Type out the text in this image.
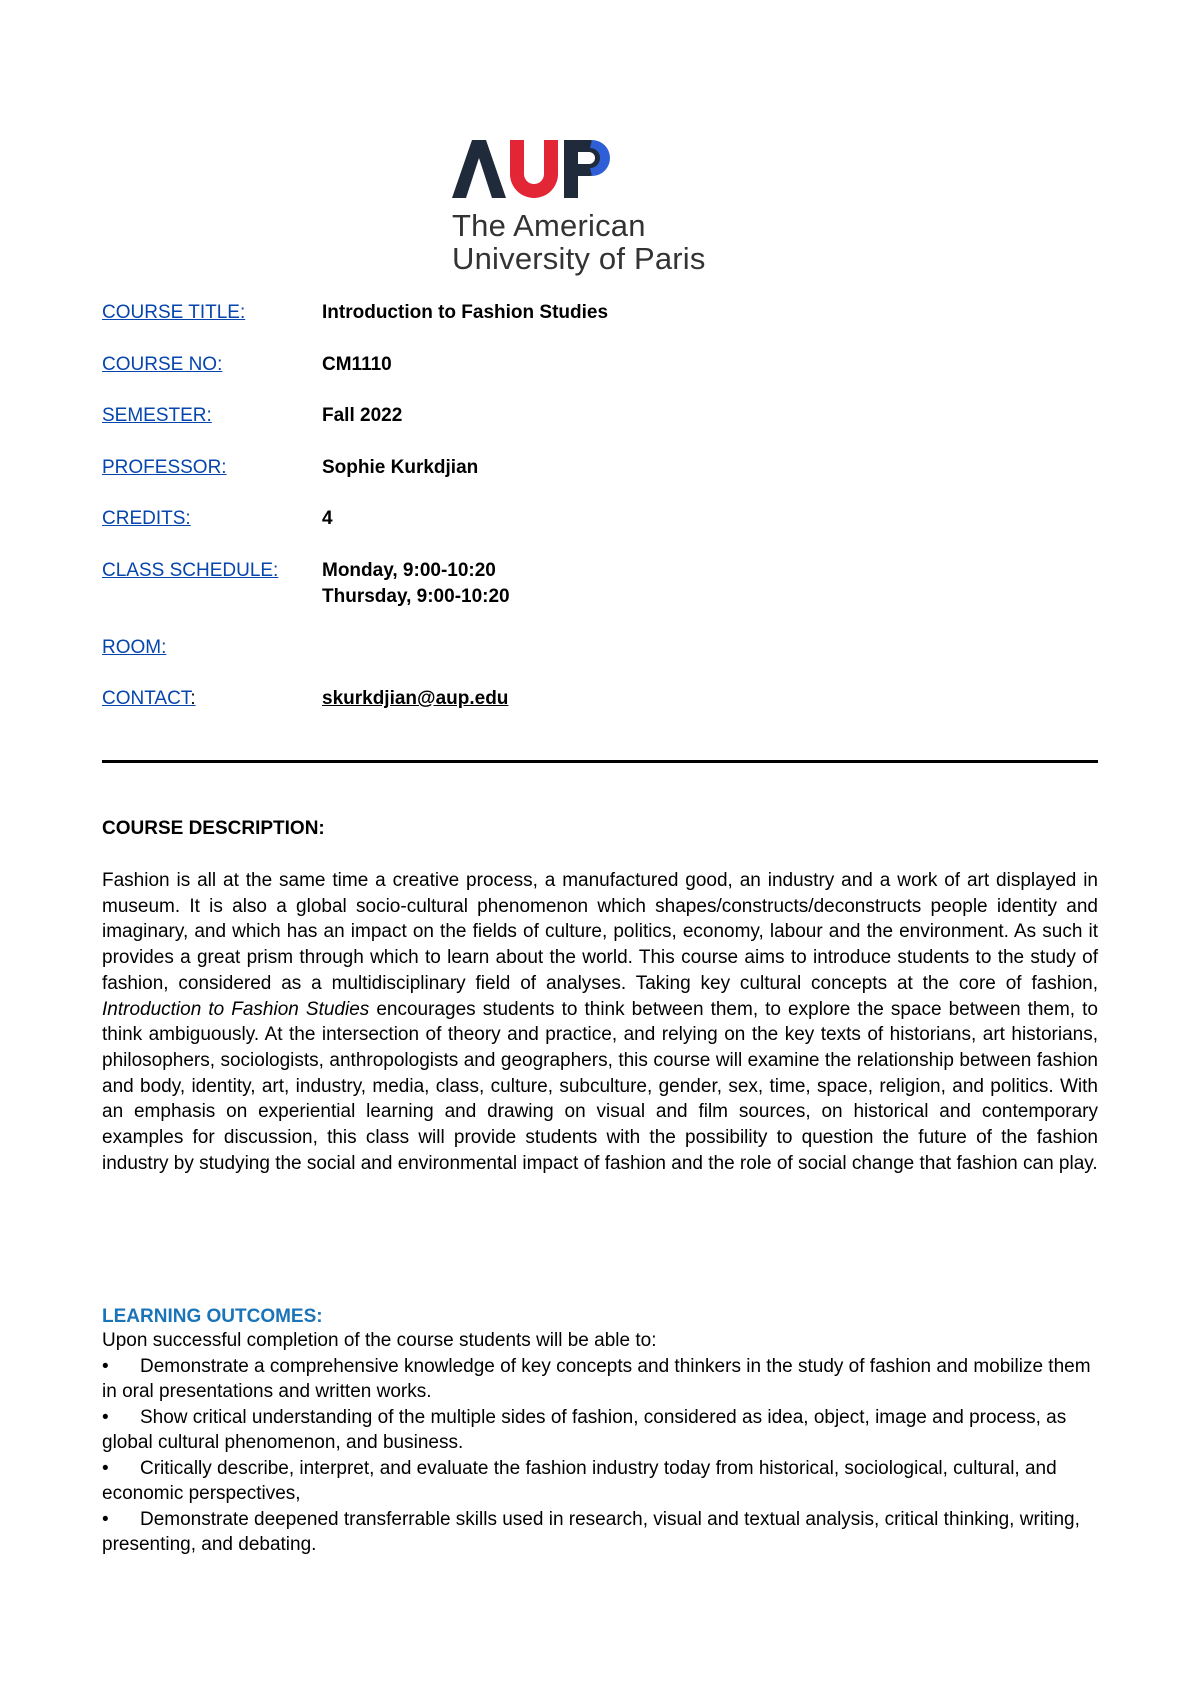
The American
University of Paris
COURSE TITLE:	Introduction to Fashion Studies
COURSE NO:	CM1110
SEMESTER:	Fall 2022
PROFESSOR:	Sophie Kurkdjian
CREDITS:	4
CLASS SCHEDULE: Monday, 9:00-10:20
Thursday, 9:00-10:20
ROOM:
CONTACT:	skurkdjian@aup.edu
COURSE DESCRIPTION:
Fashion is all at the same time a creative process, a manufactured good, an industry and a work of art displayed in museum. It is also a global socio-cultural phenomenon which shapes/constructs/deconstructs people identity and imaginary, and which has an impact on the fields of culture, politics, economy, labour and the environment. As such it provides a great prism through which to learn about the world. This course aims to introduce students to the study of fashion, considered as a multidisciplinary field of analyses. Taking key cultural concepts at the core of fashion, Introduction to Fashion Studies encourages students to think between them, to explore the space between them, to think ambiguously. At the intersection of theory and practice, and relying on the key texts of historians, art historians, philosophers, sociologists, anthropologists and geographers, this course will examine the relationship between fashion and body, identity, art, industry, media, class, culture, subculture, gender, sex, time, space, religion, and politics. With an emphasis on experiential learning and drawing on visual and film sources, on historical and contemporary examples for discussion, this class will provide students with the possibility to question the future of the fashion industry by studying the social and environmental impact of fashion and the role of social change that fashion can play.
LEARNING OUTCOMES:
Upon successful completion of the course students will be able to:
• Demonstrate a comprehensive knowledge of key concepts and thinkers in the study of fashion and mobilize them in oral presentations and written works.
• Show critical understanding of the multiple sides of fashion, considered as idea, object, image and process, as global cultural phenomenon, and business.
• Critically describe, interpret, and evaluate the fashion industry today from historical, sociological, cultural, and economic perspectives,
• Demonstrate deepened transferrable skills used in research, visual and textual analysis, critical thinking, writing, presenting, and debating.
